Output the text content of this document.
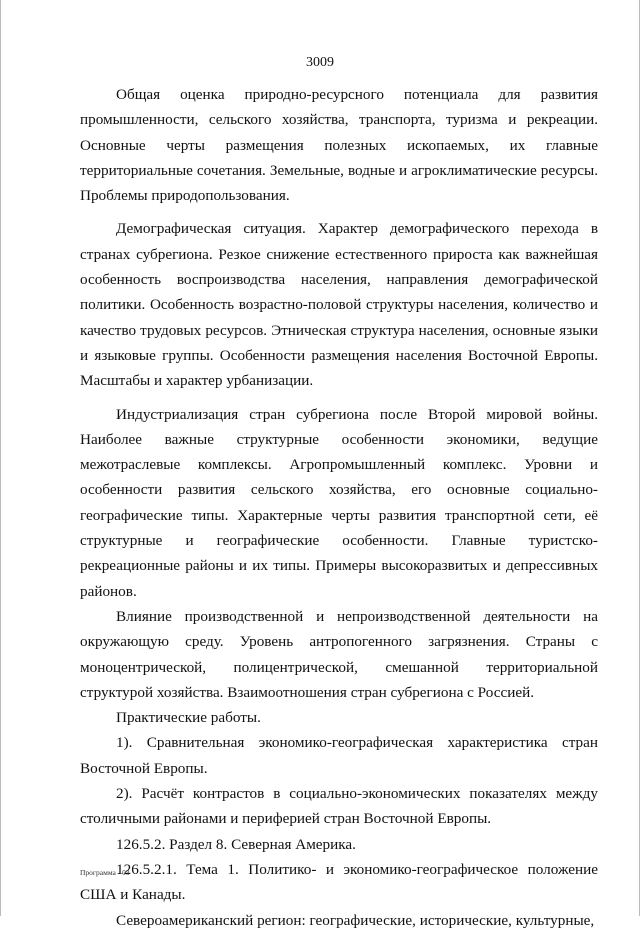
3009

Общая оценка природно-ресурсного потенциала для развития промышленности, сельского хозяйства, транспорта, туризма и рекреации. Основные черты размещения полезных ископаемых, их главные территориальные сочетания. Земельные, водные и агроклиматические ресурсы. Проблемы природопользования.

Демографическая ситуация. Характер демографического перехода в странах субрегиона. Резкое снижение естественного прироста как важнейшая особенность воспроизводства населения, направления демографической политики. Особенность возрастно-половой структуры населения, количество и качество трудовых ресурсов. Этническая структура населения, основные языки и языковые группы. Особенности размещения населения Восточной Европы. Масштабы и характер урбанизации.

Индустриализация стран субрегиона после Второй мировой войны. Наиболее важные структурные особенности экономики, ведущие межотраслевые комплексы. Агропромышленный комплекс. Уровни и особенности развития сельского хозяйства, его основные социально-географические типы. Характерные черты развития транспортной сети, её структурные и географические особенности. Главные туристско-рекреационные районы и их типы. Примеры высокоразвитых и депрессивных районов.

Влияние производственной и непроизводственной деятельности на окружающую среду. Уровень антропогенного загрязнения. Страны с моноцентрической, полицентрической, смешанной территориальной структурой хозяйства. Взаимоотношения стран субрегиона с Россией.

Практические работы.

1). Сравнительная экономико-географическая характеристика стран Восточной Европы.

2). Расчёт контрастов в социально-экономических показателях между столичными районами и периферией стран Восточной Европы.

126.5.2. Раздел 8. Северная Америка.

126.5.2.1. Тема 1. Политико- и экономико-географическое положение США и Канады.

Североамериканский регион: географические, исторические, культурные,

Программа - 03
